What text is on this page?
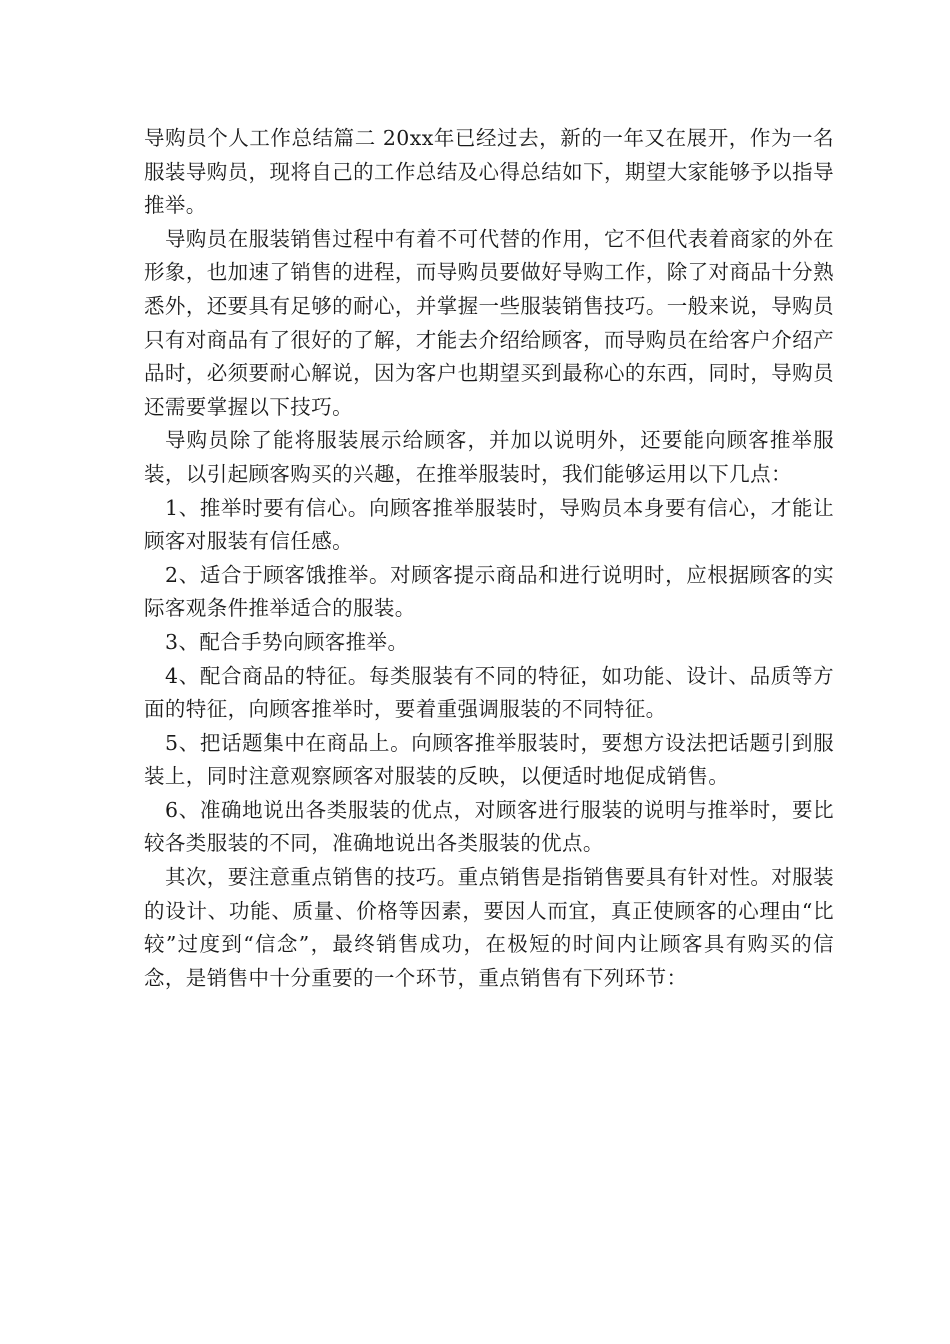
导购员个人工作总结篇二 20xx年已经过去，新的一年又在展开，作为一名服装导购员，现将自己的工作总结及心得总结如下，期望大家能够予以指导推举。

导购员在服装销售过程中有着不可代替的作用，它不但代表着商家的外在形象，也加速了销售的进程，而导购员要做好导购工作，除了对商品十分熟悉外，还要具有足够的耐心，并掌握一些服装销售技巧。一般来说，导购员只有对商品有了很好的了解，才能去介绍给顾客，而导购员在给客户介绍产品时，必须要耐心解说，因为客户也期望买到最称心的东西，同时，导购员还需要掌握以下技巧。

导购员除了能将服装展示给顾客，并加以说明外，还要能向顾客推举服装，以引起顾客购买的兴趣，在推举服装时，我们能够运用以下几点：

1、推举时要有信心。向顾客推举服装时，导购员本身要有信心，才能让顾客对服装有信任感。

2、适合于顾客饿推举。对顾客提示商品和进行说明时，应根据顾客的实际客观条件推举适合的服装。

3、配合手势向顾客推举。

4、配合商品的特征。每类服装有不同的特征，如功能、设计、品质等方面的特征，向顾客推举时，要着重强调服装的不同特征。

5、把话题集中在商品上。向顾客推举服装时，要想方设法把话题引到服装上，同时注意观察顾客对服装的反映，以便适时地促成销售。

6、准确地说出各类服装的优点，对顾客进行服装的说明与推举时，要比较各类服装的不同，准确地说出各类服装的优点。

其次，要注意重点销售的技巧。重点销售是指销售要具有针对性。对服装的设计、功能、质量、价格等因素，要因人而宜，真正使顾客的心理由“比较”过度到“信念”，最终销售成功，在极短的时间内让顾客具有购买的信念，是销售中十分重要的一个环节，重点销售有下列环节：
